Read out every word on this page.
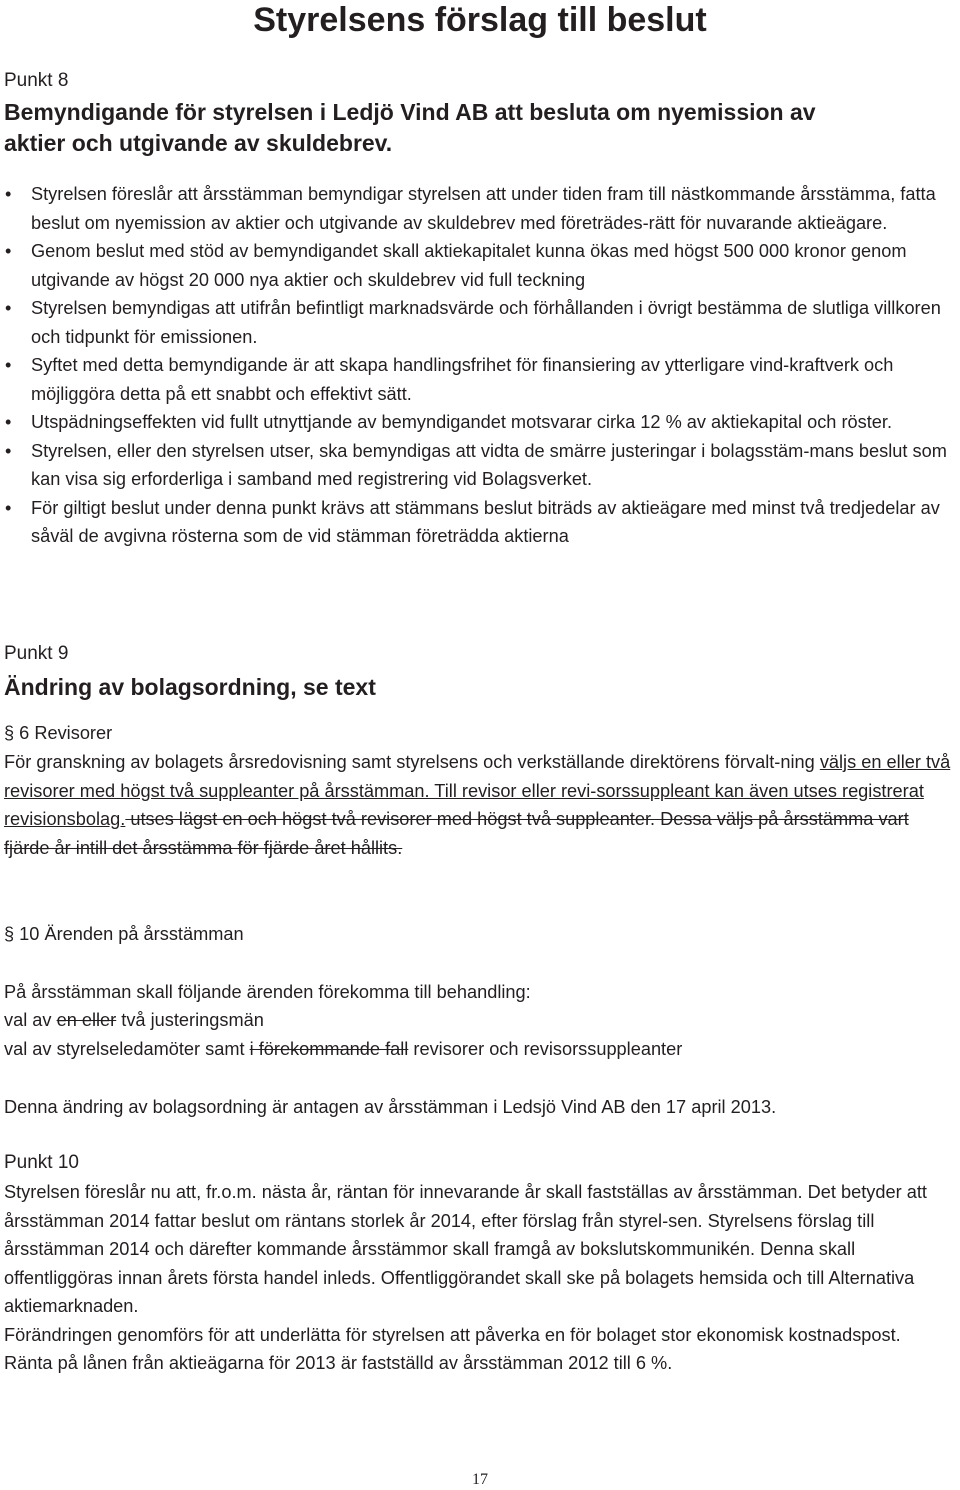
Styrelsens förslag till beslut
Punkt 8
Bemyndigande för styrelsen i Ledjö Vind AB att besluta om nyemission av
aktier och utgivande av skuldebrev.
• Styrelsen föreslår att årsstämman bemyndigar styrelsen att under tiden fram till nästkommande årsstämma, fatta beslut om nyemission av aktier och utgivande av skuldebrev med företrädes-rätt för nuvarande aktieägare.
• Genom beslut med stöd av bemyndigandet skall aktiekapitalet kunna ökas med högst 500 000 kronor genom utgivande av högst 20 000 nya aktier och skuldebrev vid full teckning
• Styrelsen bemyndigas att utifrån befintligt marknadsvärde och förhållanden i övrigt bestämma de slutliga villkoren och tidpunkt för emissionen.
• Syftet med detta bemyndigande är att skapa handlingsfrihet för finansiering av ytterligare vind-kraftverk och möjliggöra detta på ett snabbt och effektivt sätt.
• Utspädningseffekten vid fullt utnyttjande av bemyndigandet motsvarar cirka 12 % av aktiekapital och röster.
• Styrelsen, eller den styrelsen utser, ska bemyndigas att vidta de smärre justeringar i bolagsstäm-mans beslut som kan visa sig erforderliga i samband med registrering vid Bolagsverket.
• För giltigt beslut under denna punkt krävs att stämmans beslut biträds av aktieägare med minst två tredjedelar av såväl de avgivna rösterna som de vid stämman företrädda aktierna
Punkt 9
Ändring av bolagsordning, se text
§ 6 Revisorer
För granskning av bolagets årsredovisning samt styrelsens och verkställande direktörens förvalt-ning väljs en eller två revisorer med högst två suppleanter på årsstämman. Till revisor eller revi-sorssuppleant kan även utses registrerat revisionsbolag. utses lägst en och högst två revisorer med högst två suppleanter. Dessa väljs på årsstämma vart fjärde år intill det årsstämma för fjärde året hållits.
§ 10 Ärenden på årsstämman
På årsstämman skall följande ärenden förekomma till behandling:
val av en eller två justeringsmän
val av styrelseledamöter samt i förekommande fall revisorer och revisorssuppleanter
Denna ändring av bolagsordning är antagen av årsstämman i Ledsjö Vind AB den 17 april 2013.
Punkt 10
Styrelsen föreslår nu att, fr.o.m. nästa år, räntan för innevarande år skall fastställas av årsstämman. Det betyder att årsstämman 2014 fattar beslut om räntans storlek år 2014, efter förslag från styrel-sen. Styrelsens förslag till årsstämman 2014 och därefter kommande årsstämmor skall framgå av bokslutskommunikén. Denna skall offentliggöras innan årets första handel inleds. Offentliggörandet skall ske på bolagets hemsida och till Alternativa aktiemarknaden.
Förändringen genomförs för att underlätta för styrelsen att påverka en för bolaget stor ekonomisk kostnadspost.
Ränta på lånen från aktieägarna för 2013 är fastställd av årsstämman 2012 till 6 %.
17
